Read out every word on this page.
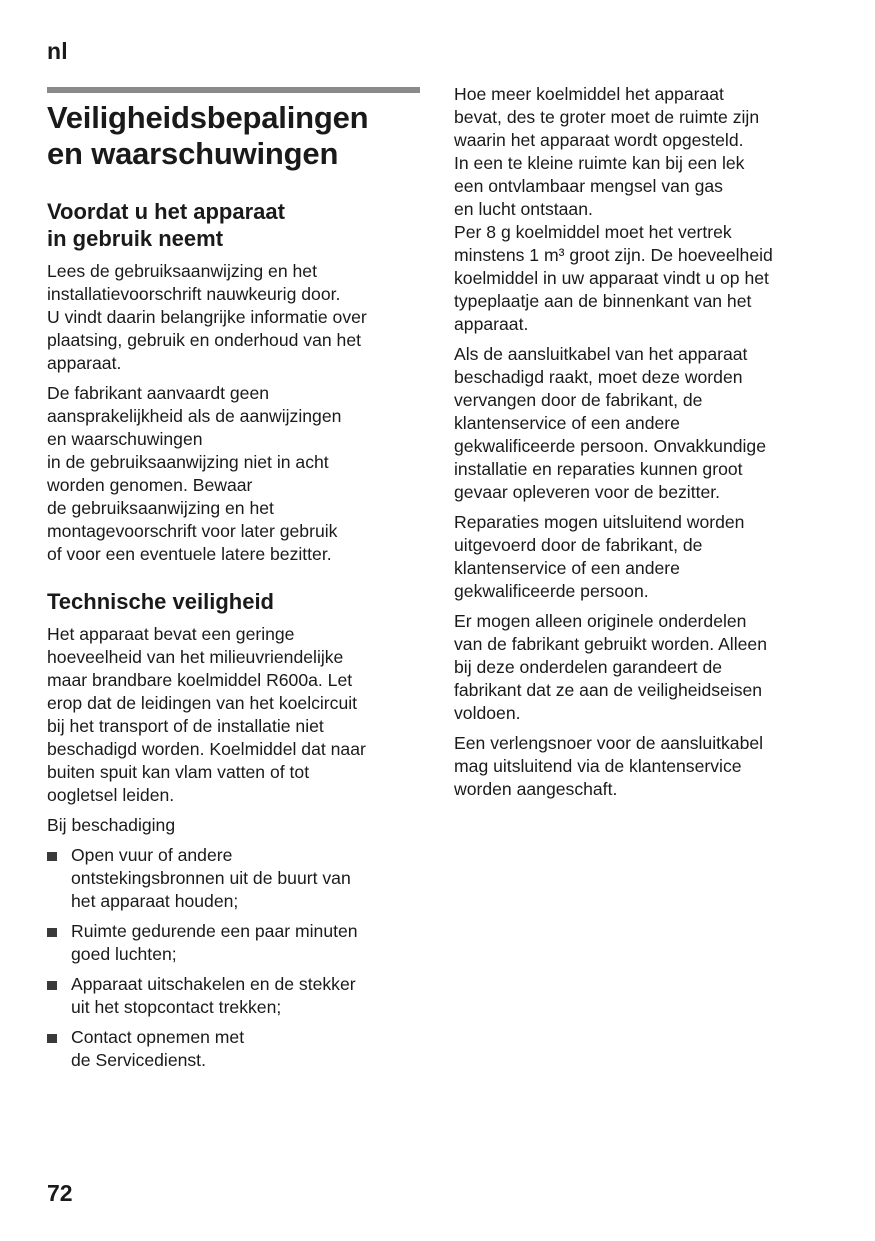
nl
Veiligheidsbepalingen
en waarschuwingen
Voordat u het apparaat
in gebruik neemt

Lees de gebruiksaanwijzing en het
installatievoorschrift nauwkeurig door.
U vindt daarin belangrijke informatie over
plaatsing, gebruik en onderhoud van het
apparaat.

De fabrikant aanvaardt geen
aansprakelijkheid als de aanwijzingen
en waarschuwingen
in de gebruiksaanwijzing niet in acht
worden genomen. Bewaar
de gebruiksaanwijzing en het
montagevoorschrift voor later gebruik
of voor een eventuele latere bezitter.

Technische veiligheid

Het apparaat bevat een geringe
hoeveelheid van het milieuvriendelijke
maar brandbare koelmiddel R600a. Let
erop dat de leidingen van het koelcircuit
bij het transport of de installatie niet
beschadigd worden. Koelmiddel dat naar
buiten spuit kan vlam vatten of tot
oogletsel leiden.

Bij beschadiging

Open vuur of andere
ontstekingsbronnen uit de buurt van
het apparaat houden;
Ruimte gedurende een paar minuten
goed luchten;
Apparaat uitschakelen en de stekker
uit het stopcontact trekken;
Contact opnemen met
de Servicedienst.

Hoe meer koelmiddel het apparaat
bevat, des te groter moet de ruimte zijn
waarin het apparaat wordt opgesteld.
In een te kleine ruimte kan bij een lek
een ontvlambaar mengsel van gas
en lucht ontstaan.
Per 8 g koelmiddel moet het vertrek
minstens 1 m³ groot zijn. De hoeveelheid
koelmiddel in uw apparaat vindt u op het
typeplaatje aan de binnenkant van het
apparaat.

Als de aansluitkabel van het apparaat
beschadigd raakt, moet deze worden
vervangen door de fabrikant, de
klantenservice of een andere
gekwalificeerde persoon. Onvakkundige
installatie en reparaties kunnen groot
gevaar opleveren voor de bezitter.

Reparaties mogen uitsluitend worden
uitgevoerd door de fabrikant, de
klantenservice of een andere
gekwalificeerde persoon.

Er mogen alleen originele onderdelen
van de fabrikant gebruikt worden. Alleen
bij deze onderdelen garandeert de
fabrikant dat ze aan de veiligheidseisen
voldoen.

Een verlengsnoer voor de aansluitkabel
mag uitsluitend via de klantenservice
worden aangeschaft.

72
